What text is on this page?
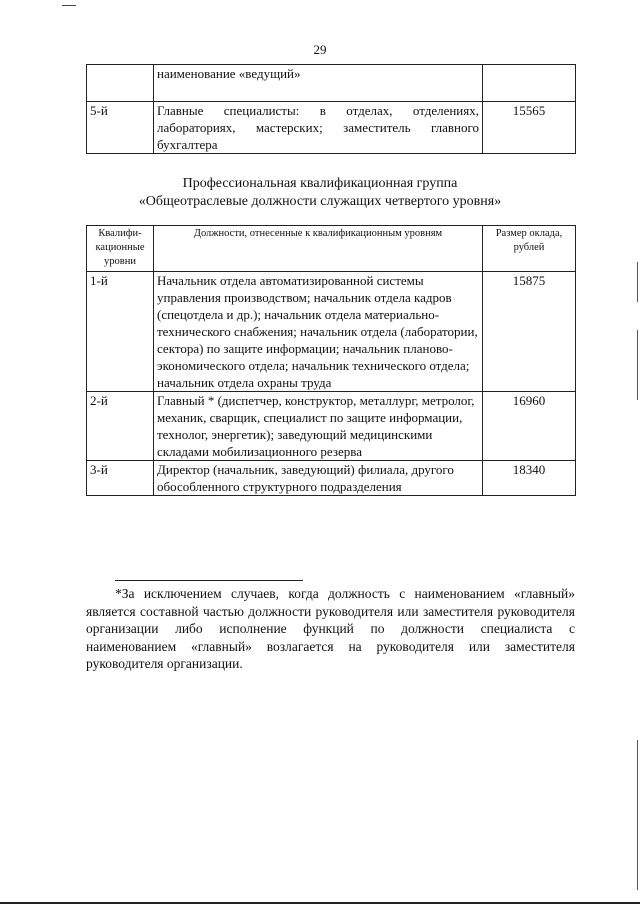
29
	наименование «ведущий»	
5-й	Главные специалисты: в отделах, отделениях, лабораториях, мастерских; заместитель главного бухгалтера	15565
Профессиональная квалификационная группа
«Общеотраслевые должности служащих четвертого уровня»
Квалифи-кационные уровни	Должности, отнесенные к квалификационным уровням	Размер оклада, рублей
1-й	Начальник отдела автоматизированной системы управления производством; начальник отдела кадров (спецотдела и др.); начальник отдела материально-технического снабжения; начальник отдела (лаборатории, сектора) по защите информации; начальник планово-экономического отдела; начальник технического отдела; начальник отдела охраны труда	15875
2-й	Главный * (диспетчер, конструктор, металлург, метролог, механик, сварщик, специалист по защите информации, технолог, энергетик); заведующий медицинскими складами мобилизационного резерва	16960
3-й	Директор (начальник, заведующий) филиала, другого обособленного структурного подразделения	18340
*За исключением случаев, когда должность с наименованием «главный» является составной частью должности руководителя или заместителя руководителя организации либо исполнение функций по должности специалиста с наименованием «главный» возлагается на руководителя или заместителя руководителя организации.
